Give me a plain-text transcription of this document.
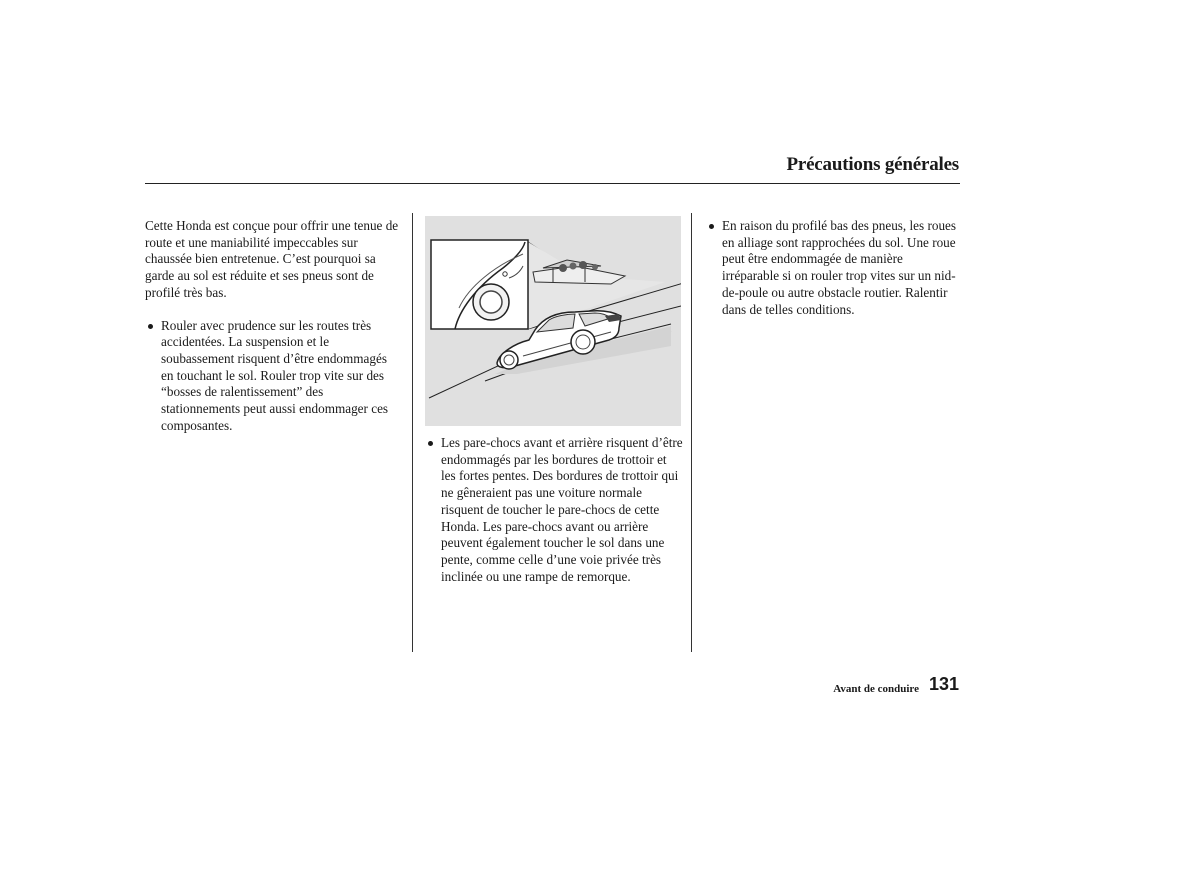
Précautions générales

Cette Honda est conçue pour offrir une tenue de route et une maniabilité impeccables sur chaussée bien entretenue. C’est pourquoi sa garde au sol est réduite et ses pneus sont de profilé très bas.

Rouler avec prudence sur les routes très accidentées. La suspension et le soubassement risquent d’être endommagés en touchant le sol. Rouler trop vite sur des “bosses de ralentissement” des stationnements peut aussi endommager ces composantes.

Les pare-chocs avant et arrière risquent d’être endommagés par les bordures de trottoir et les fortes pentes. Des bordures de trottoir qui ne gêneraient pas une voiture normale risquent de toucher le pare-chocs de cette Honda. Les pare-chocs avant ou arrière peuvent également toucher le sol dans une pente, comme celle d’une voie privée très inclinée ou une rampe de remorque.

En raison du profilé bas des pneus, les roues en alliage sont rapprochées du sol. Une roue peut être endommagée de manière irréparable si on rouler trop vites sur un nid-de-poule ou autre obstacle routier. Ralentir dans de telles conditions.

Avant de conduire 131
